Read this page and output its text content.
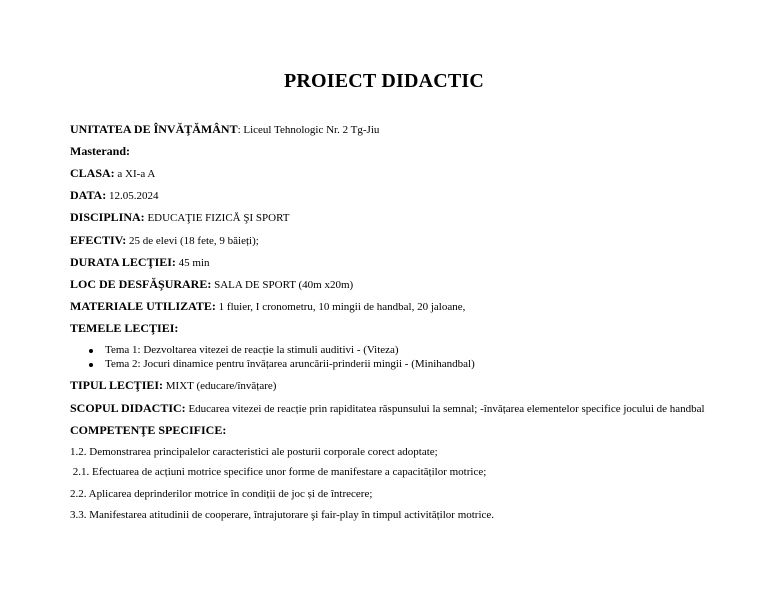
PROIECT DIDACTIC
UNITATEA DE ÎNVĂŢĂMÂNT: Liceul Tehnologic Nr. 2 Tg-Jiu
Masterand:
CLASA: a XI-a A
DATA: 12.05.2024
DISCIPLINA: EDUCAŢIE FIZICĂ ŞI SPORT
EFECTIV: 25 de elevi (18 fete, 9 băieți);
DURATA LECŢIEI: 45 min
LOC DE DESFĂŞURARE: SALA DE SPORT (40m x20m)
MATERIALE UTILIZATE: 1 fluier, I cronometru, 10 mingii de handbal, 20 jaloane,
TEMELE LECŢIEI:
Tema 1: Dezvoltarea vitezei de reacție la stimuli auditivi - (Viteza)
Tema 2: Jocuri dinamice pentru învățarea aruncării-prinderii mingii - (Minihandbal)
TIPUL LECŢIEI: MIXT (educare/învățare)
SCOPUL DIDACTIC: Educarea vitezei de reacție prin rapiditatea răspunsului la semnal; -învățarea elementelor specifice jocului de handbal
COMPETENŢE SPECIFICE:
1.2. Demonstrarea principalelor caracteristici ale posturii corporale corect adoptate;
2.1. Efectuarea de acțiuni motrice specifice unor forme de manifestare a capacităților motrice;
2.2. Aplicarea deprinderilor motrice în condiții de joc și de întrecere;
3.3. Manifestarea atitudinii de cooperare, întrajutorare şi fair-play în timpul activităților motrice.
